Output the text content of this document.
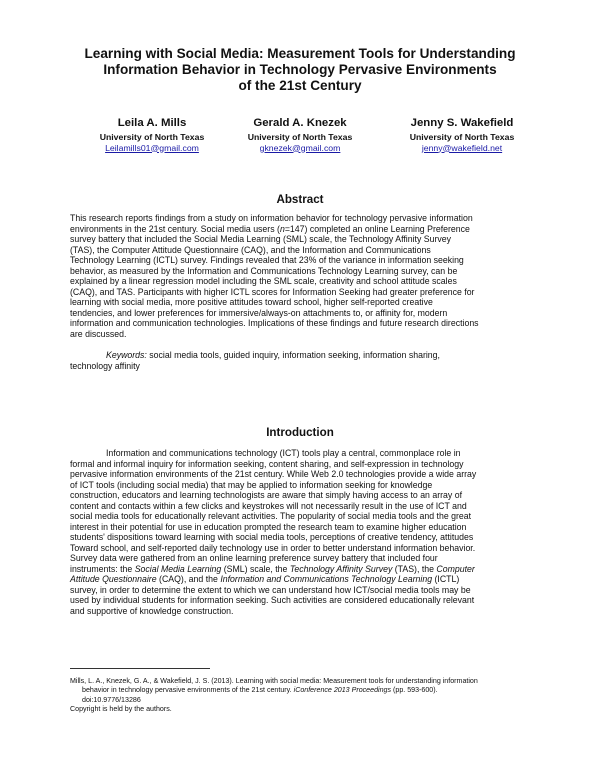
Learning with Social Media: Measurement Tools for Understanding
Information Behavior in Technology Pervasive Environments
of the 21st Century
Leila A. Mills
University of North Texas
Leilamills01@gmail.com
Gerald A. Knezek
University of North Texas
gknezek@gmail.com
Jenny S. Wakefield
University of North Texas
jenny@wakefield.net
Abstract
This research reports findings from a study on information behavior for technology pervasive information
environments in the 21st century. Social media users (n=147) completed an online Learning Preference
survey battery that included the Social Media Learning (SML) scale, the Technology Affinity Survey
(TAS), the Computer Attitude Questionnaire (CAQ), and the Information and Communications
Technology Learning (ICTL) survey. Findings revealed that 23% of the variance in information seeking
behavior, as measured by the Information and Communications Technology Learning survey, can be
explained by a linear regression model including the SML scale, creativity and school attitude scales
(CAQ), and TAS. Participants with higher ICTL scores for Information Seeking had greater preference for
learning with social media, more positive attitudes toward school, higher self-reported creative
tendencies, and lower preferences for immersive/always-on attachments to, or affinity for, modern
information and communication technologies. Implications of these findings and future research directions
are discussed.
Keywords: social media tools, guided inquiry, information seeking, information sharing,
technology affinity
Introduction
Information and communications technology (ICT) tools play a central, commonplace role in
formal and informal inquiry for information seeking, content sharing, and self-expression in technology
pervasive information environments of the 21st century. While Web 2.0 technologies provide a wide array
of ICT tools (including social media) that may be applied to information seeking for knowledge
construction, educators and learning technologists are aware that simply having access to an array of
content and contacts within a few clicks and keystrokes will not necessarily result in the use of ICT and
social media tools for educationally relevant activities. The popularity of social media tools and the great
interest in their potential for use in education prompted the research team to examine higher education
students' dispositions toward learning with social media tools, perceptions of creative tendency, attitudes
Toward school, and self-reported daily technology use in order to better understand information behavior.
Survey data were gathered from an online learning preference survey battery that included four
instruments: the Social Media Learning (SML) scale, the Technology Affinity Survey (TAS), the Computer
Attitude Questionnaire (CAQ), and the Information and Communications Technology Learning (ICTL)
survey, in order to determine the extent to which we can understand how ICT/social media tools may be
used by individual students for information seeking. Such activities are considered educationally relevant
and supportive of knowledge construction.
Mills, L. A., Knezek, G. A., & Wakefield, J. S. (2013). Learning with social media: Measurement tools for understanding information
behavior in technology pervasive environments of the 21st century. iConference 2013 Proceedings (pp. 593-600).
doi:10.9776/13286
Copyright is held by the authors.
